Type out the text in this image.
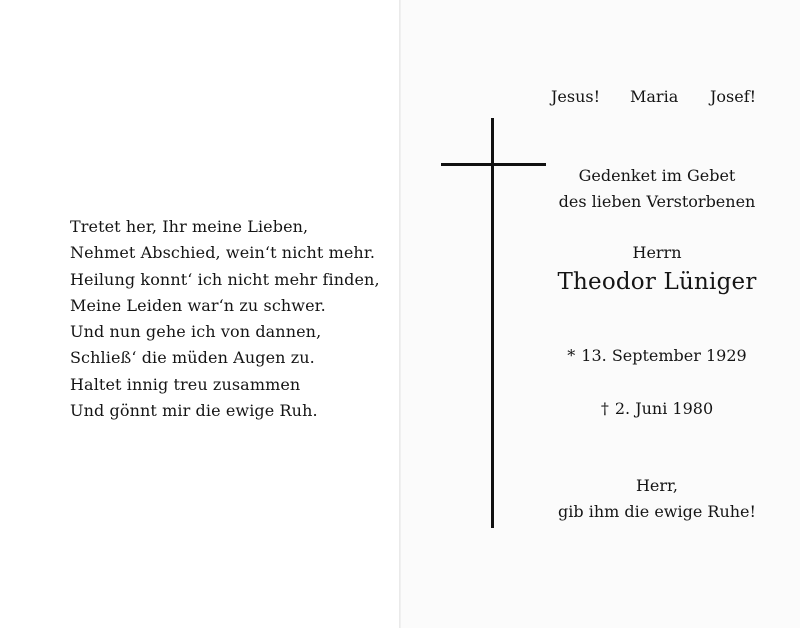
Tretet her, Ihr meine Lieben,
Nehmet Abschied, wein‘t nicht mehr.
Heilung konnt‘ ich nicht mehr finden,
Meine Leiden war‘n zu schwer.
Und nun gehe ich von dannen,
Schließ‘ die müden Augen zu.
Haltet innig treu zusammen
Und gönnt mir die ewige Ruh.
Jesus! Maria Josef!
Gedenket im Gebet
des lieben Verstorbenen
Herrn
Theodor Lüniger
* 13. September 1929
† 2. Juni 1980
Herr,
gib ihm die ewige Ruhe!
